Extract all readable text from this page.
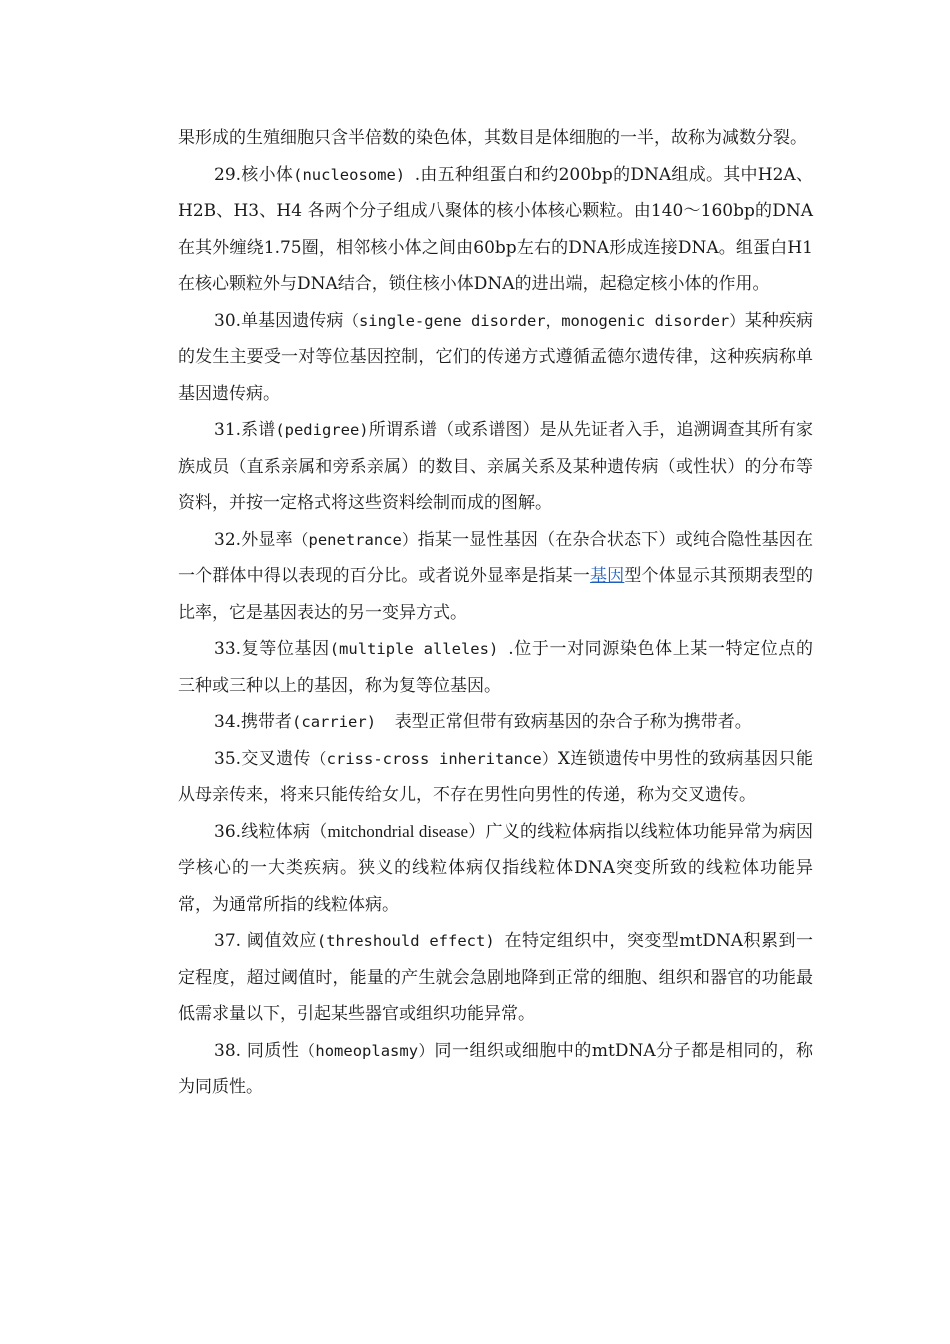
果形成的生殖细胞只含半倍数的染色体，其数目是体细胞的一半，故称为减数分裂。

29.核小体(nucleosome) .由五种组蛋白和约200bp的DNA组成。其中H2A、H2B、H3、H4 各两个分子组成八聚体的核小体核心颗粒。由140～160bp的DNA在其外缠绕1.75圈，相邻核小体之间由60bp左右的DNA形成连接DNA。组蛋白H1在核心颗粒外与DNA结合，锁住核小体DNA的进出端，起稳定核小体的作用。

30.单基因遗传病（single-gene disorder，monogenic disorder）某种疾病的发生主要受一对等位基因控制，它们的传递方式遵循孟德尔遗传律，这种疾病称单基因遗传病。

31.系谱(pedigree)所谓系谱（或系谱图）是从先证者入手，追溯调查其所有家族成员（直系亲属和旁系亲属）的数目、亲属关系及某种遗传病（或性状）的分布等资料，并按一定格式将这些资料绘制而成的图解。

32.外显率（penetrance）指某一显性基因（在杂合状态下）或纯合隐性基因在一个群体中得以表现的百分比。或者说外显率是指某一基因型个体显示其预期表型的比率，它是基因表达的另一变异方式。

33.复等位基因(multiple alleles) .位于一对同源染色体上某一特定位点的三种或三种以上的基因，称为复等位基因。

34.携带者(carrier)  表型正常但带有致病基因的杂合子称为携带者。

35.交叉遗传（criss-cross inheritance）X连锁遗传中男性的致病基因只能从母亲传来，将来只能传给女儿，不存在男性向男性的传递，称为交叉遗传。

36.线粒体病（mitchondrial disease）广义的线粒体病指以线粒体功能异常为病因学核心的一大类疾病。狭义的线粒体病仅指线粒体DNA突变所致的线粒体功能异常，为通常所指的线粒体病。

37. 阈值效应(threshould effect) 在特定组织中，突变型mtDNA积累到一定程度，超过阈值时，能量的产生就会急剧地降到正常的细胞、组织和器官的功能最低需求量以下，引起某些器官或组织功能异常。

38. 同质性（homeoplasmy）同一组织或细胞中的mtDNA分子都是相同的，称为同质性。
